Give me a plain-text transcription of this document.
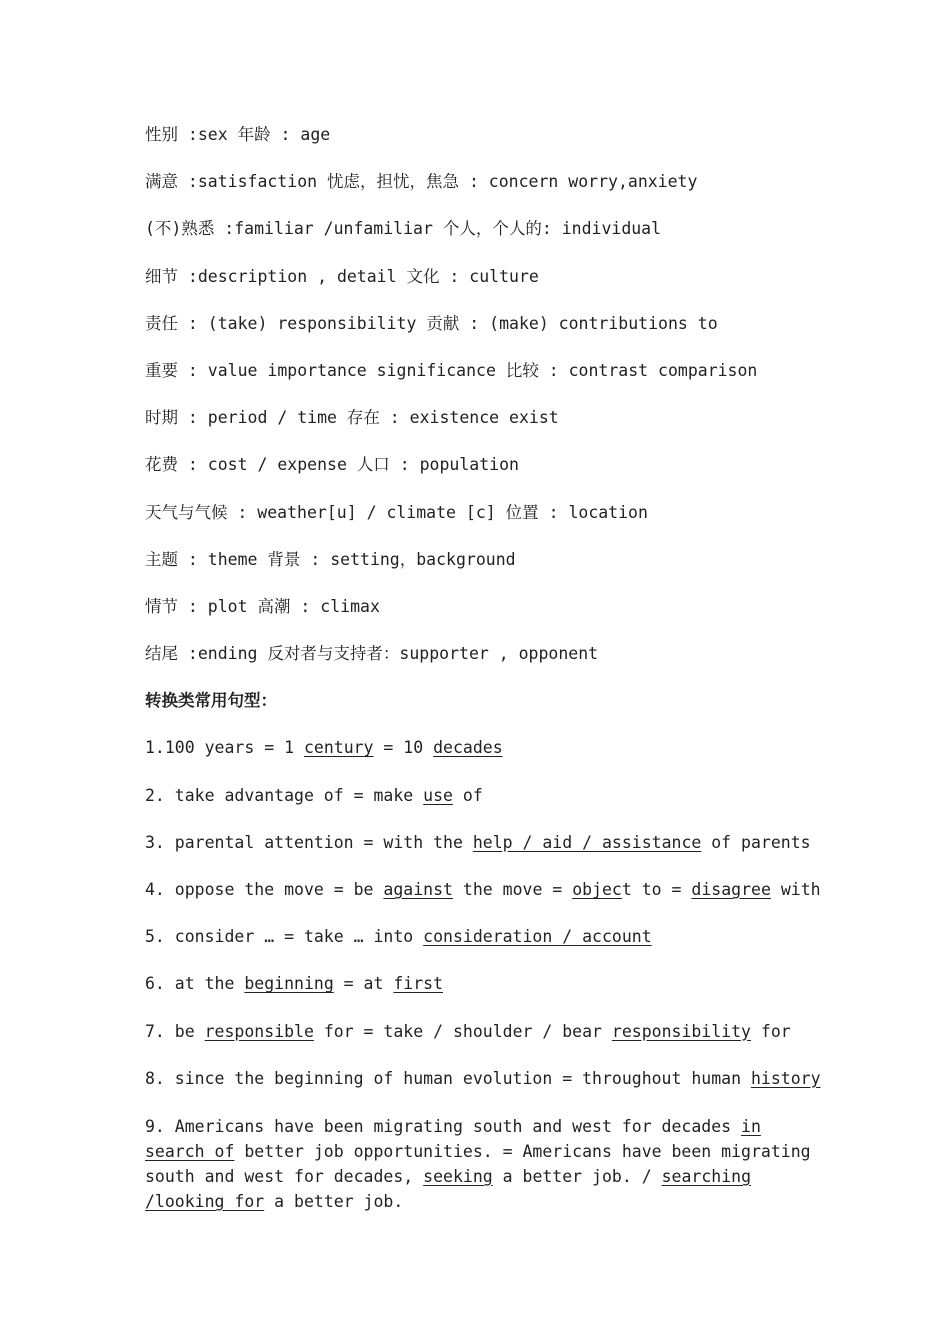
性别 :sex 年龄 : age
满意 :satisfaction 忧虑，担忧，焦急 : concern worry,anxiety
(不)熟悉 :familiar /unfamiliar 个人，个人的: individual
细节 :description , detail 文化 : culture
责任 : (take) responsibility 贡献 : (make) contributions to
重要 : value importance significance 比较 : contrast comparison
时期 : period / time 存在 : existence exist
花费 : cost / expense 人口 : population
天气与气候 : weather[u] / climate [c] 位置 : location
主题 : theme 背景 : setting，background
情节 : plot 高潮 : climax
结尾 :ending 反对者与支持者：supporter , opponent
转换类常用句型：
1.100 years = 1 century = 10 decades
2. take advantage of = make use of
3. parental attention = with the help / aid / assistance of parents
4. oppose the move = be against the move = object to = disagree with
5. consider … = take … into consideration / account
6. at the beginning = at first
7. be responsible for = take / shoulder / bear responsibility for
8. since the beginning of human evolution = throughout human history
9. Americans have been migrating south and west for decades in search of better job opportunities. = Americans have been migrating south and west for decades, seeking a better job. / searching /looking for a better job.
